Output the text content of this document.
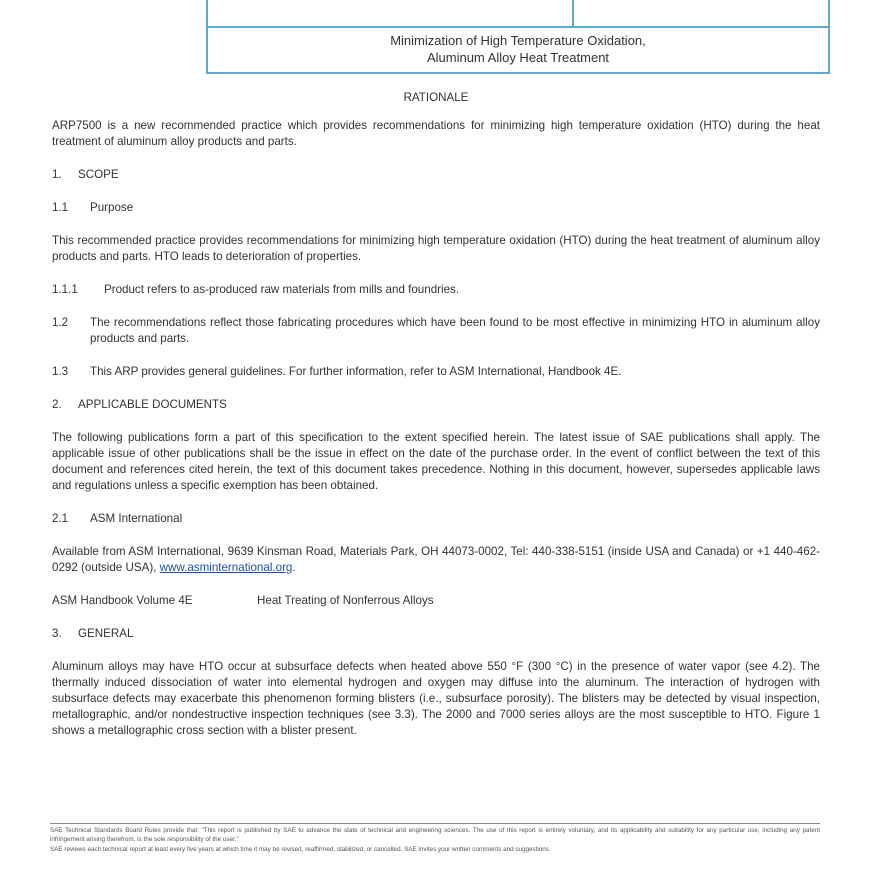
Minimization of High Temperature Oxidation,
Aluminum Alloy Heat Treatment
RATIONALE

ARP7500 is a new recommended practice which provides recommendations for minimizing high temperature oxidation (HTO) during the heat treatment of aluminum alloy products and parts.

1.	SCOPE
1.1	Purpose

This recommended practice provides recommendations for minimizing high temperature oxidation (HTO) during the heat treatment of aluminum alloy products and parts. HTO leads to deterioration of properties.

1.1.1	Product refers to as-produced raw materials from mills and foundries.
1.2	The recommendations reflect those fabricating procedures which have been found to be most effective in minimizing HTO in aluminum alloy products and parts.
1.3	This ARP provides general guidelines. For further information, refer to ASM International, Handbook 4E.
2.	APPLICABLE DOCUMENTS

The following publications form a part of this specification to the extent specified herein. The latest issue of SAE publications shall apply. The applicable issue of other publications shall be the issue in effect on the date of the purchase order. In the event of conflict between the text of this document and references cited herein, the text of this document takes precedence. Nothing in this document, however, supersedes applicable laws and regulations unless a specific exemption has been obtained.

2.1	ASM International

Available from ASM International, 9639 Kinsman Road, Materials Park, OH 44073-0002, Tel: 440-338-5151 (inside USA and Canada) or +1 440-462-0292 (outside USA), www.asminternational.org.

ASM Handbook Volume 4E	Heat Treating of Nonferrous Alloys
3.	GENERAL

Aluminum alloys may have HTO occur at subsurface defects when heated above 550 °F (300 °C) in the presence of water vapor (see 4.2). The thermally induced dissociation of water into elemental hydrogen and oxygen may diffuse into the aluminum. The interaction of hydrogen with subsurface defects may exacerbate this phenomenon forming blisters (i.e., subsurface porosity). The blisters may be detected by visual inspection, metallographic, and/or nondestructive inspection techniques (see 3.3). The 2000 and 7000 series alloys are the most susceptible to HTO. Figure 1 shows a metallographic cross section with a blister present.

SAE Technical Standards Board Rules provide that: "This report is published by SAE to advance the state of technical and engineering sciences. The use of this report is entirely voluntary, and its applicability and suitability for any particular use, including any patent infringement arising therefrom, is the sole responsibility of the user."

SAE reviews each technical report at least every five years at which time it may be revised, reaffirmed, stabilized, or cancelled. SAE invites your written comments and suggestions.
